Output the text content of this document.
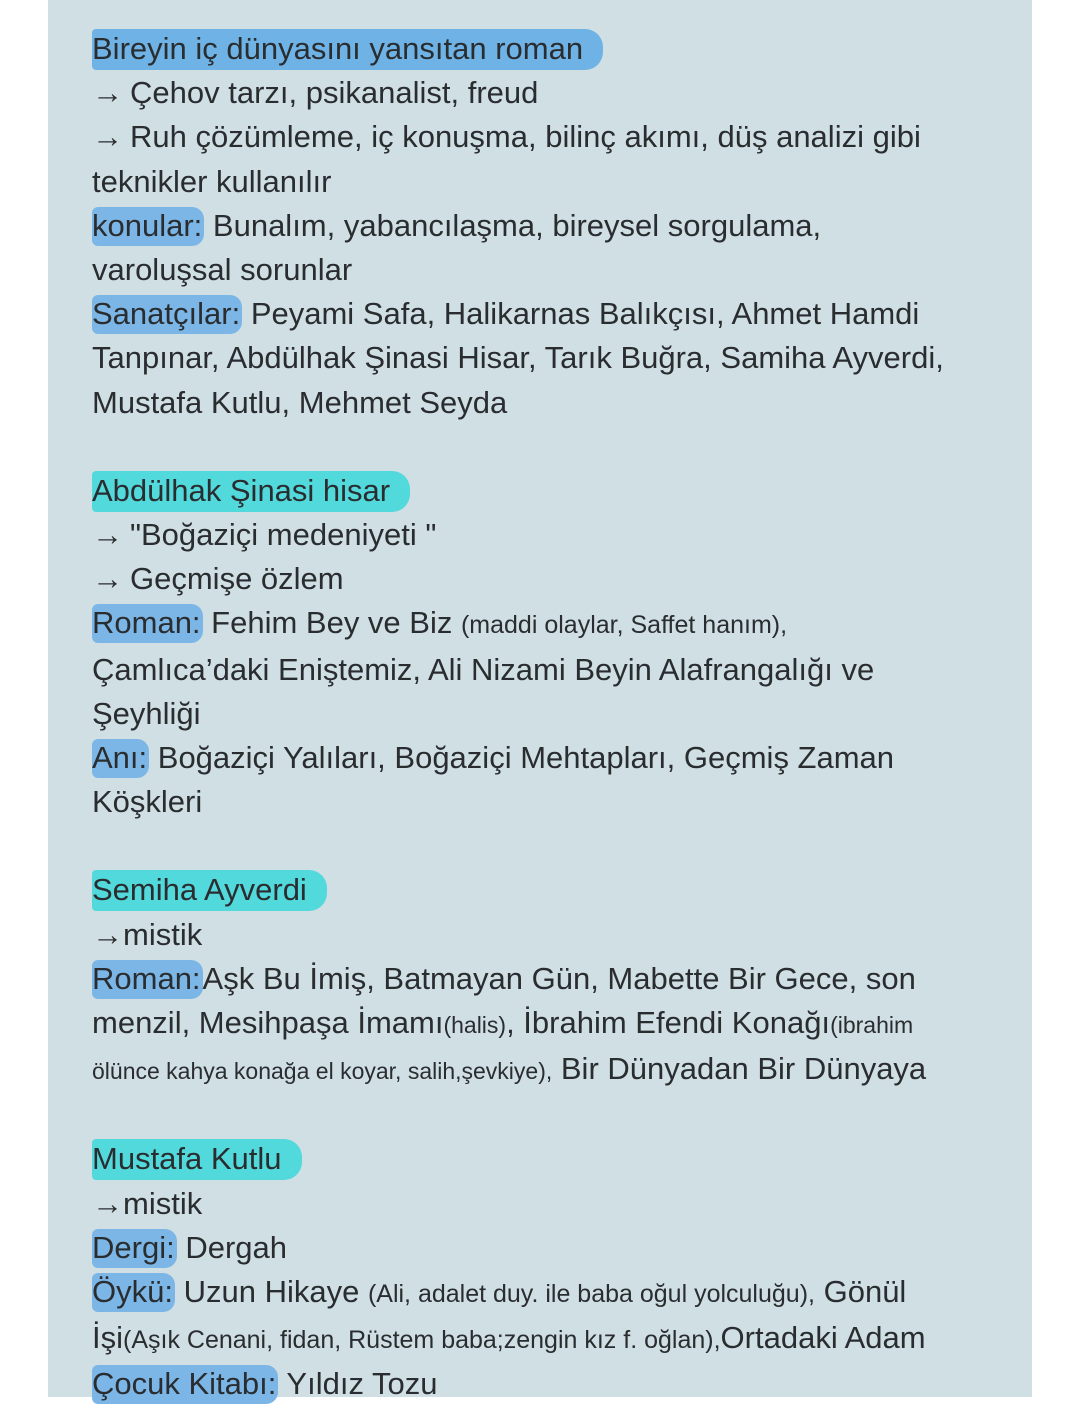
Bireyin iç dünyasını yansıtan roman
→ Çehov tarzı, psikanalist, freud
→ Ruh çözümleme, iç konuşma, bilinç akımı, düş analizi gibi
teknikler kullanılır
konular: Bunalım, yabancılaşma, bireysel sorgulama,
varoluşsal sorunlar
Sanatçılar: Peyami Safa, Halikarnas Balıkçısı, Ahmet Hamdi
Tanpınar, Abdülhak Şinasi Hisar, Tarık Buğra, Samiha Ayverdi,
Mustafa Kutlu, Mehmet Seyda
Abdülhak Şinasi hisar
→ "Boğaziçi medeniyeti "
→ Geçmişe özlem
Roman: Fehim Bey ve Biz (maddi olaylar, Saffet hanım),
Çamlıca’daki Eniştemiz, Ali Nizami Beyin Alafrangalığı ve
Şeyhliği
Anı: Boğaziçi Yalıları, Boğaziçi Mehtapları, Geçmiş Zaman
Köşkleri
Semiha Ayverdi
→mistik
Roman:Aşk Bu İmiş, Batmayan Gün, Mabette Bir Gece, son
menzil, Mesihpaşa İmamı(halis), İbrahim Efendi Konağı(ibrahim
ölünce kahya konağa el koyar, salih,şevkiye), Bir Dünyadan Bir Dünyaya
Mustafa Kutlu
→mistik
Dergi: Dergah
Öykü: Uzun Hikaye (Ali, adalet duy. ile baba oğul yolculuğu), Gönül
İşi(Aşık Cenani, fidan, Rüstem baba;zengin kız f. oğlan),Ortadaki Adam
Çocuk Kitabı: Yıldız Tozu
